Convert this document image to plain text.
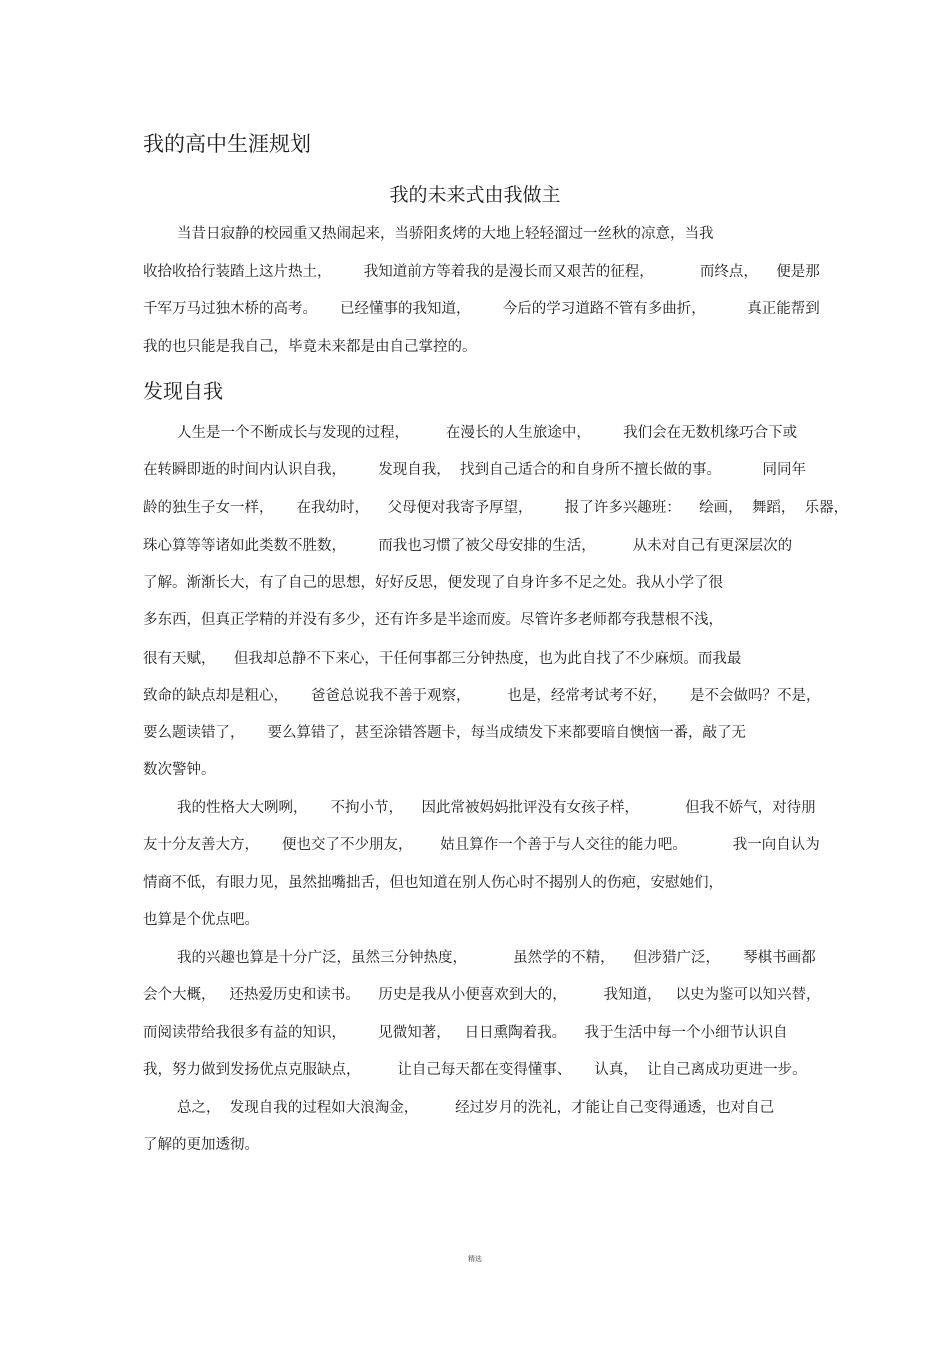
我的高中生涯规划
我的未来式由我做主
当昔日寂静的校园重又热闹起来，当骄阳炙烤的大地上轻轻溜过一丝秋的凉意，当我
收拾收拾行装踏上这片热土，       我知道前方等着我的是漫长而又艰苦的征程，          而终点，    便是那
千军万马过独木桥的高考。     已经懂事的我知道，       今后的学习道路不管有多曲折，         真正能帮到
我的也只能是我自己，毕竟未来都是由自己掌控的。
发现自我
人生是一个不断成长与发现的过程，        在漫长的人生旅途中，       我们会在无数机缘巧合下或
在转瞬即逝的时间内认识自我，       发现自我，  找到自己适合的和自身所不擅长做的事。         同同年
龄的独生子女一样，     在我幼时，    父母便对我寄予厚望，       报了许多兴趣班：    绘画，  舞蹈，  乐器，
珠心算等等诸如此类数不胜数，       而我也习惯了被父母安排的生活，        从未对自己有更深层次的
了解。渐渐长大，有了自己的思想，好好反思，便发现了自身许多不足之处。我从小学了很
多东西，但真正学精的并没有多少，还有许多是半途而废。尽管许多老师都夸我慧根不浅，
很有天赋，    但我却总静不下来心，干任何事都三分钟热度，也为此自找了不少麻烦。而我最
致命的缺点却是粗心，     爸爸总说我不善于观察，        也是，经常考试考不好，     是不会做吗？不是，
要么题读错了，     要么算错了，甚至涂错答题卡，每当成绩发下来都要暗自懊恼一番，敲了无
数次警钟。
我的性格大大咧咧，     不拘小节，    因此常被妈妈批评没有女孩子样，          但我不娇气，对待朋
友十分友善大方，     便也交了不少朋友，      姑且算作一个善于与人交往的能力吧。          我一向自认为
情商不低，有眼力见，虽然拙嘴拙舌，但也知道在别人伤心时不揭别人的伤疤，安慰她们，
也算是个优点吧。
我的兴趣也算是十分广泛，虽然三分钟热度，          虽然学的不精，    但涉猎广泛，     琴棋书画都
会个大概，   还热爱历史和读书。    历史是我从小便喜欢到大的，        我知道，   以史为鉴可以知兴替，
而阅读带给我很多有益的知识，       见微知著，   日日熏陶着我。    我于生活中每一个小细节认识自
我，努力做到发扬优点克服缺点，        让自己每天都在变得懂事、     认真，  让自己离成功更进一步。
总之，  发现自我的过程如大浪淘金，        经过岁月的洗礼，才能让自己变得通透，也对自己
了解的更加透彻。
精选
